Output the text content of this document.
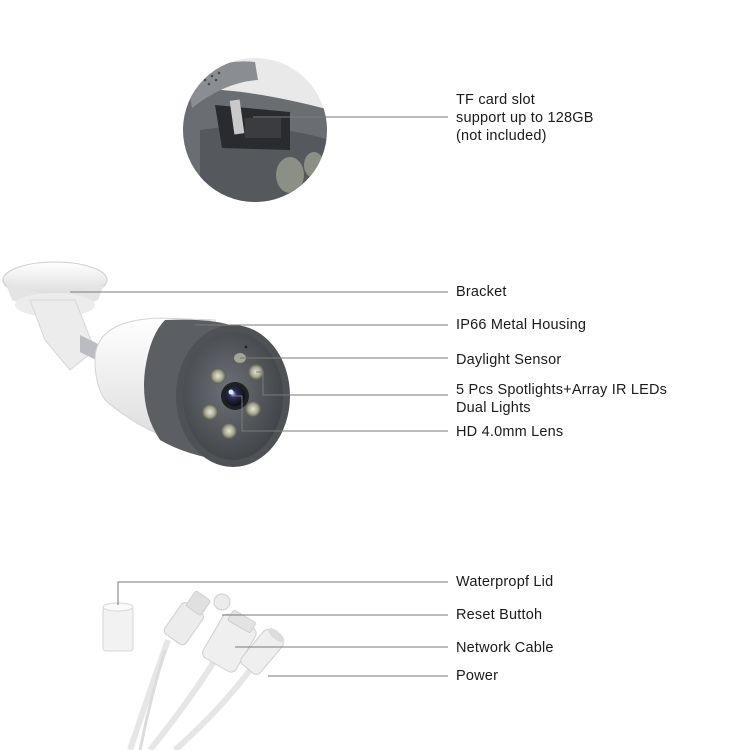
TF card slot
support up to 128GB
(not included)
Bracket
IP66 Metal Housing
Daylight Sensor
5 Pcs Spotlights+Array IR LEDs
Dual Lights
HD 4.0mm Lens
Waterpropf Lid
Reset Buttoh
Network Cable
Power
